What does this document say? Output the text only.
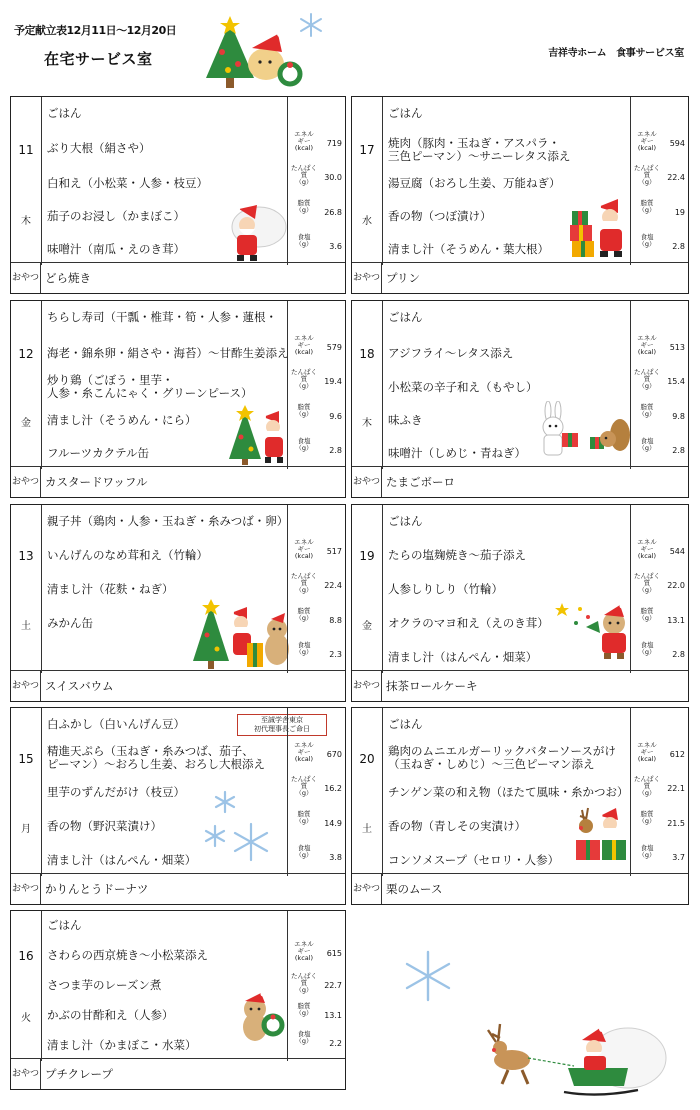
予定献立表12月11日～12月20日
在宅サービス室	吉祥寺ホーム　食事サービス室
11
木
ごはん
ぶり大根（絹さや）
白和え（小松菜・人参・枝豆）
茄子のお浸し（かまぼこ）
味噌汁（南瓜・えのき茸）
エネル
ギー
(kcal)	719
たんぱく
質
（g）	30.0
脂質
（g）	26.8
食塩
（g）	3.6
おやつ どら焼き
12
金
ちらし寿司（干瓢・椎茸・筍・人参・蓮根・
海老・錦糸卵・絹さや・海苔）～甘酢生姜添え
炒り鶏（ごぼう・里芋・
人参・糸こんにゃく・グリーンピース）
清まし汁（そうめん・にら）
フルーツカクテル缶
エネル
ギー
(kcal)	579
たんぱく
質
（g）	19.4
脂質
（g）	9.6
食塩
（g）	2.8
おやつ カスタードワッフル
13
土
親子丼（鶏肉・人参・玉ねぎ・糸みつば・卵）
いんげんのなめ茸和え（竹輪）
清まし汁（花麩・ねぎ）
みかん缶
エネル
ギー
(kcal)	517
たんぱく
質
（g）	22.4
脂質
（g）	8.8
食塩
（g）	2.3
おやつ スイスバウム
15
月
白ふかし（白いんげん豆）	至誠学舎東京
初代理事長ご命日
精進天ぷら（玉ねぎ・糸みつば、茄子、
ピーマン）～おろし生姜、おろし大根添え
里芋のずんだがけ（枝豆）
香の物（野沢菜漬け）
清まし汁（はんぺん・畑菜）
エネル
ギー
(kcal)	670
たんぱく
質
（g）	16.2
脂質
（g）	14.9
食塩
（g）	3.8
おやつ かりんとうドーナツ
16
火
ごはん
さわらの西京焼き～小松菜添え
さつま芋のレーズン煮
かぶの甘酢和え（人参）
清まし汁（かまぼこ・水菜）
エネル
ギー
(kcal)	615
たんぱく
質
（g）	22.7
脂質
（g）	13.1
食塩
（g）	2.2
おやつ プチクレープ
17
水
ごはん
焼肉（豚肉・玉ねぎ・アスパラ・
三色ピーマン）～サニーレタス添え
湯豆腐（おろし生姜、万能ねぎ）
香の物（つぼ漬け）
清まし汁（そうめん・葉大根）
エネル
ギー
(kcal)	594
たんぱく
質
（g）	22.4
脂質
（g）	19
食塩
（g）	2.8
おやつ プリン
18
木
ごはん
アジフライ～レタス添え
小松菜の辛子和え（もやし）
味ふき
味噌汁（しめじ・青ねぎ）
エネル
ギー
(kcal)	513
たんぱく
質
（g）	15.4
脂質
（g）	9.8
食塩
（g）	2.8
おやつ たまごボーロ
19
金
ごはん
たらの塩麹焼き～茄子添え
人参しりしり（竹輪）
オクラのマヨ和え（えのき茸）
清まし汁（はんぺん・畑菜）
エネル
ギー
(kcal)	544
たんぱく
質
（g）	22.0
脂質
（g）	13.1
食塩
（g）	2.8
おやつ 抹茶ロールケーキ
20
土
ごはん
鶏肉のムニエルガーリックバターソースがけ
（玉ねぎ・しめじ）～三色ピーマン添え
チンゲン菜の和え物（ほたて風味・糸かつお）
香の物（青しその実漬け）
コンソメスープ（セロリ・人参）
エネル
ギー
(kcal)	612
たんぱく
質
（g）	22.1
脂質
（g）	21.5
食塩
（g）	3.7
おやつ 栗のムース
